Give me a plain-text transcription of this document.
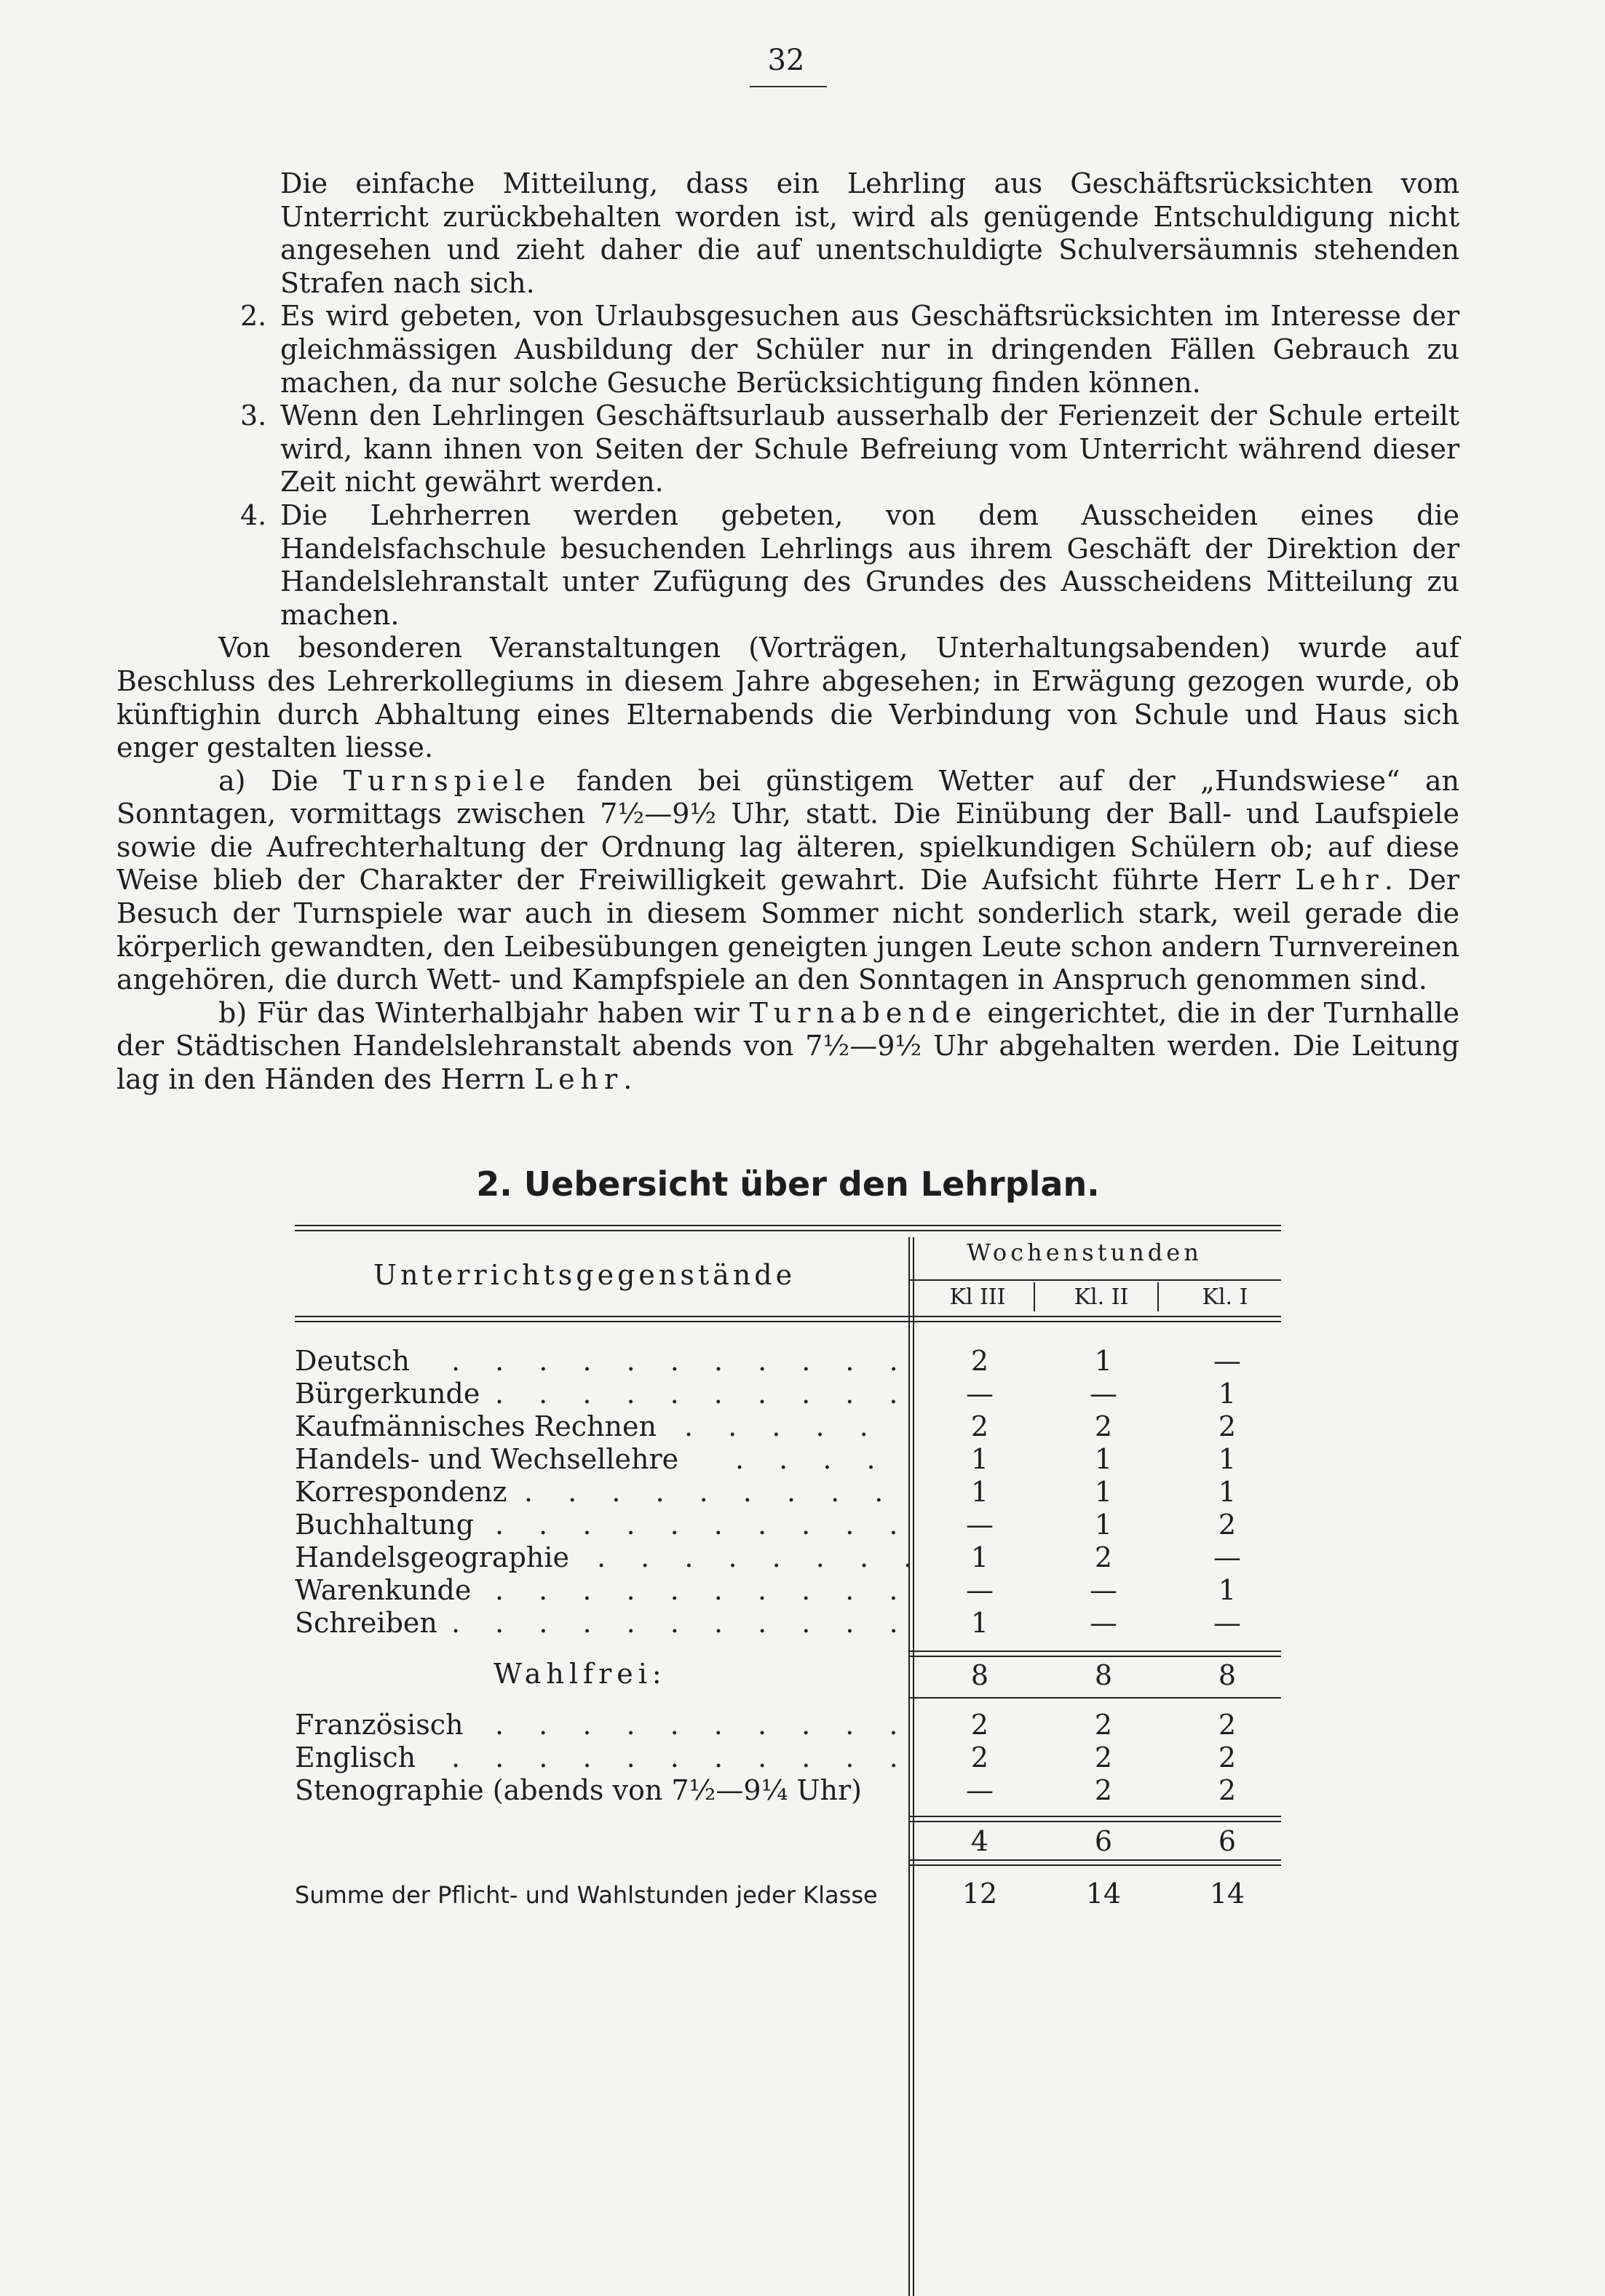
32

Die einfache Mitteilung, dass ein Lehrling aus Geschäftsrücksichten vom Unterricht zurückbehalten worden ist, wird als genügende Entschuldigung nicht angesehen und zieht daher die auf unentschuldigte Schulversäumnis stehenden Strafen nach sich.

2. Es wird gebeten, von Urlaubsgesuchen aus Geschäftsrücksichten im Interesse der gleichmässigen Ausbildung der Schüler nur in dringenden Fällen Gebrauch zu machen, da nur solche Gesuche Berücksichtigung finden können.
3. Wenn den Lehrlingen Geschäftsurlaub ausserhalb der Ferienzeit der Schule erteilt wird, kann ihnen von Seiten der Schule Befreiung vom Unterricht während dieser Zeit nicht gewährt werden.
4. Die Lehrherren werden gebeten, von dem Ausscheiden eines die Handelsfachschule besuchenden Lehrlings aus ihrem Geschäft der Direktion der Handelslehranstalt unter Zufügung des Grundes des Ausscheidens Mitteilung zu machen.

Von besonderen Veranstaltungen (Vorträgen, Unterhaltungsabenden) wurde auf Beschluss des Lehrerkollegiums in diesem Jahre abgesehen; in Erwägung gezogen wurde, ob künftighin durch Abhaltung eines Elternabends die Verbindung von Schule und Haus sich enger gestalten liesse.

a) Die Turnspiele fanden bei günstigem Wetter auf der „Hundswiese“ an Sonntagen, vormittags zwischen 7½—9½ Uhr, statt. Die Einübung der Ball- und Laufspiele sowie die Aufrechterhaltung der Ordnung lag älteren, spielkundigen Schülern ob; auf diese Weise blieb der Charakter der Freiwilligkeit gewahrt. Die Aufsicht führte Herr Lehr. Der Besuch der Turnspiele war auch in diesem Sommer nicht sonderlich stark, weil gerade die körperlich gewandten, den Leibesübungen geneigten jungen Leute schon andern Turnvereinen angehören, die durch Wett- und Kampfspiele an den Sonntagen in Anspruch genommen sind.

b) Für das Winterhalbjahr haben wir Turnabende eingerichtet, die in der Turnhalle der Städtischen Handelslehranstalt abends von 7½—9½ Uhr abgehalten werden. Die Leitung lag in den Händen des Herrn Lehr.

2. Uebersicht über den Lehrplan.
Unterrichtsgegenstände
Wochenstunden
Kl III	Kl. II	Kl. I
Deutsch . . . . . . . . . . .	2	1	—
Bürgerkunde . . . . . . . . . .	—	—	1
Kaufmännisches Rechnen . . . . .	2	2	2
Handels- und Wechsellehre . . . .	1	1	1
Korrespondenz . . . . . . . . .	1	1	1
Buchhaltung . . . . . . . . . .	—	1	2
Handelsgeographie . . . . . . . .	1	2	—
Warenkunde . . . . . . . . . .	—	—	1
Schreiben . . . . . . . . . . .	1	—	—
Wahlfrei:	8	8	8
Französisch . . . . . . . . . .	2	2	2
Englisch . . . . . . . . . . .	2	2	2
Stenographie (abends von 7½—9¼ Uhr)	—	2	2
4	6	6
Summe der Pflicht- und Wahlstunden jeder Klasse	12	14	14
